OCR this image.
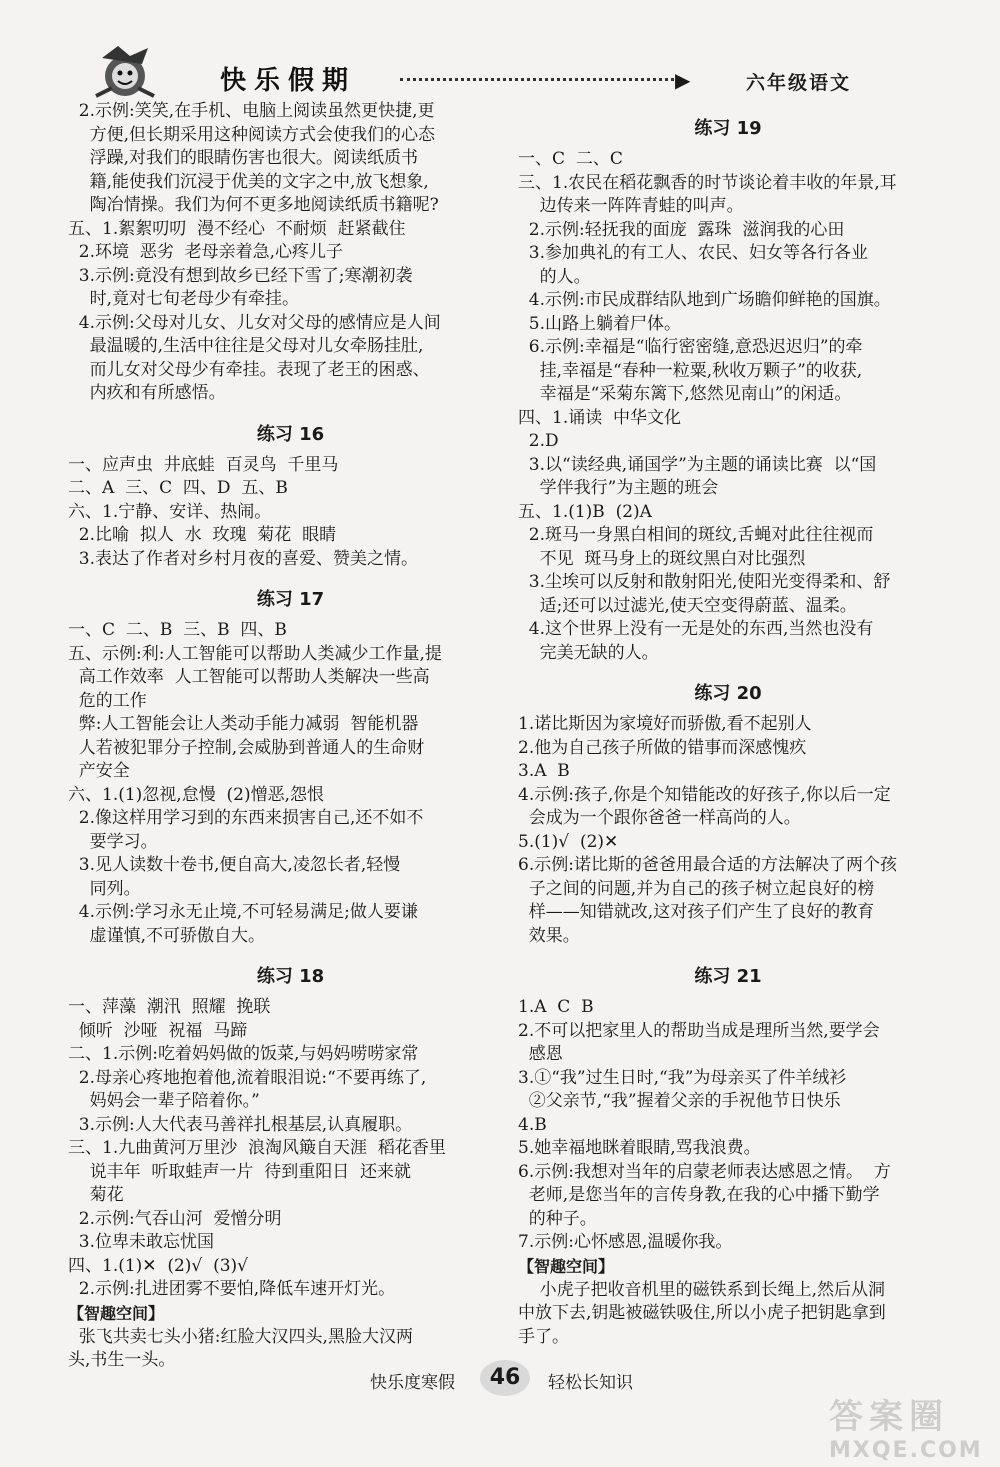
快乐假期	▶	六年级语文

2.示例:笑笑,在手机、电脑上阅读虽然更快捷,更

方便,但长期采用这种阅读方式会使我们的心态

浮躁,对我们的眼睛伤害也很大。阅读纸质书

籍,能使我们沉浸于优美的文字之中,放飞想象,

陶冶情操。我们为何不更多地阅读纸质书籍呢?

五、1.絮絮叨叨  漫不经心  不耐烦  赶紧截住

2.环境  恶劣  老母亲着急,心疼儿子

3.示例:竟没有想到故乡已经下雪了;寒潮初袭

时,竟对七旬老母少有牵挂。

4.示例:父母对儿女、儿女对父母的感情应是人间

最温暖的,生活中往往是父母对儿女牵肠挂肚,

而儿女对父母少有牵挂。表现了老王的困惑、

内疚和有所感悟。

练习 16

一、应声虫  井底蛙  百灵鸟  千里马

二、A  三、C  四、D  五、B

六、1.宁静、安详、热闹。

2.比喻  拟人  水  玫瑰  菊花  眼睛

3.表达了作者对乡村月夜的喜爱、赞美之情。

练习 17

一、C  二、B  三、B  四、B

五、示例:利:人工智能可以帮助人类减少工作量,提

高工作效率  人工智能可以帮助人类解决一些高

危的工作

弊:人工智能会让人类动手能力减弱  智能机器

人若被犯罪分子控制,会威胁到普通人的生命财

产安全

六、1.(1)忽视,怠慢  (2)憎恶,怨恨

2.像这样用学习到的东西来损害自己,还不如不

要学习。

3.见人读数十卷书,便自高大,凌忽长者,轻慢

同列。

4.示例:学习永无止境,不可轻易满足;做人要谦

虚谨慎,不可骄傲自大。

练习 18

一、萍藻  潮汛  照耀  挽联

倾听  沙哑  祝福  马蹄

二、1.示例:吃着妈妈做的饭菜,与妈妈唠唠家常

2.母亲心疼地抱着他,流着眼泪说:“不要再练了,

妈妈会一辈子陪着你。”

3.示例:人大代表马善祥扎根基层,认真履职。

三、1.九曲黄河万里沙  浪淘风簸自天涯  稻花香里

说丰年  听取蛙声一片  待到重阳日  还来就

菊花

2.示例:气吞山河  爱憎分明

3.位卑未敢忘忧国

四、1.(1)✕  (2)√  (3)√

2.示例:扎进团雾不要怕,降低车速开灯光。

【智趣空间】

张飞共卖七头小猪:红脸大汉四头,黑脸大汉两

头,书生一头。

练习 19

一、C  二、C

三、1.农民在稻花飘香的时节谈论着丰收的年景,耳

边传来一阵阵青蛙的叫声。

2.示例:轻抚我的面庞  露珠  滋润我的心田

3.参加典礼的有工人、农民、妇女等各行各业

的人。

4.示例:市民成群结队地到广场瞻仰鲜艳的国旗。

5.山路上躺着尸体。

6.示例:幸福是“临行密密缝,意恐迟迟归”的牵

挂,幸福是“春种一粒粟,秋收万颗子”的收获,

幸福是“采菊东篱下,悠然见南山”的闲适。

四、1.诵读  中华文化

2.D

3.以“读经典,诵国学”为主题的诵读比赛  以“国

学伴我行”为主题的班会

五、1.(1)B  (2)A

2.斑马一身黑白相间的斑纹,舌蝇对此往往视而

不见  斑马身上的斑纹黑白对比强烈

3.尘埃可以反射和散射阳光,使阳光变得柔和、舒

适;还可以过滤光,使天空变得蔚蓝、温柔。

4.这个世界上没有一无是处的东西,当然也没有

完美无缺的人。

练习 20

1.诺比斯因为家境好而骄傲,看不起别人

2.他为自己孩子所做的错事而深感愧疚

3.A  B

4.示例:孩子,你是个知错能改的好孩子,你以后一定

会成为一个跟你爸爸一样高尚的人。

5.(1)√  (2)✕

6.示例:诺比斯的爸爸用最合适的方法解决了两个孩

子之间的问题,并为自己的孩子树立起良好的榜

样——知错就改,这对孩子们产生了良好的教育

效果。

练习 21

1.A  C  B

2.不可以把家里人的帮助当成是理所当然,要学会

感恩

3.①“我”过生日时,“我”为母亲买了件羊绒衫

②父亲节,“我”握着父亲的手祝他节日快乐

4.B

5.她幸福地眯着眼睛,骂我浪费。

6.示例:我想对当年的启蒙老师表达感恩之情。  方

老师,是您当年的言传身教,在我的心中播下勤学

的种子。

7.示例:心怀感恩,温暖你我。

【智趣空间】

小虎子把收音机里的磁铁系到长绳上,然后从洞

中放下去,钥匙被磁铁吸住,所以小虎子把钥匙拿到

手了。

快乐度寒假	46	轻松长知识
答案圈
MXQE.COM
